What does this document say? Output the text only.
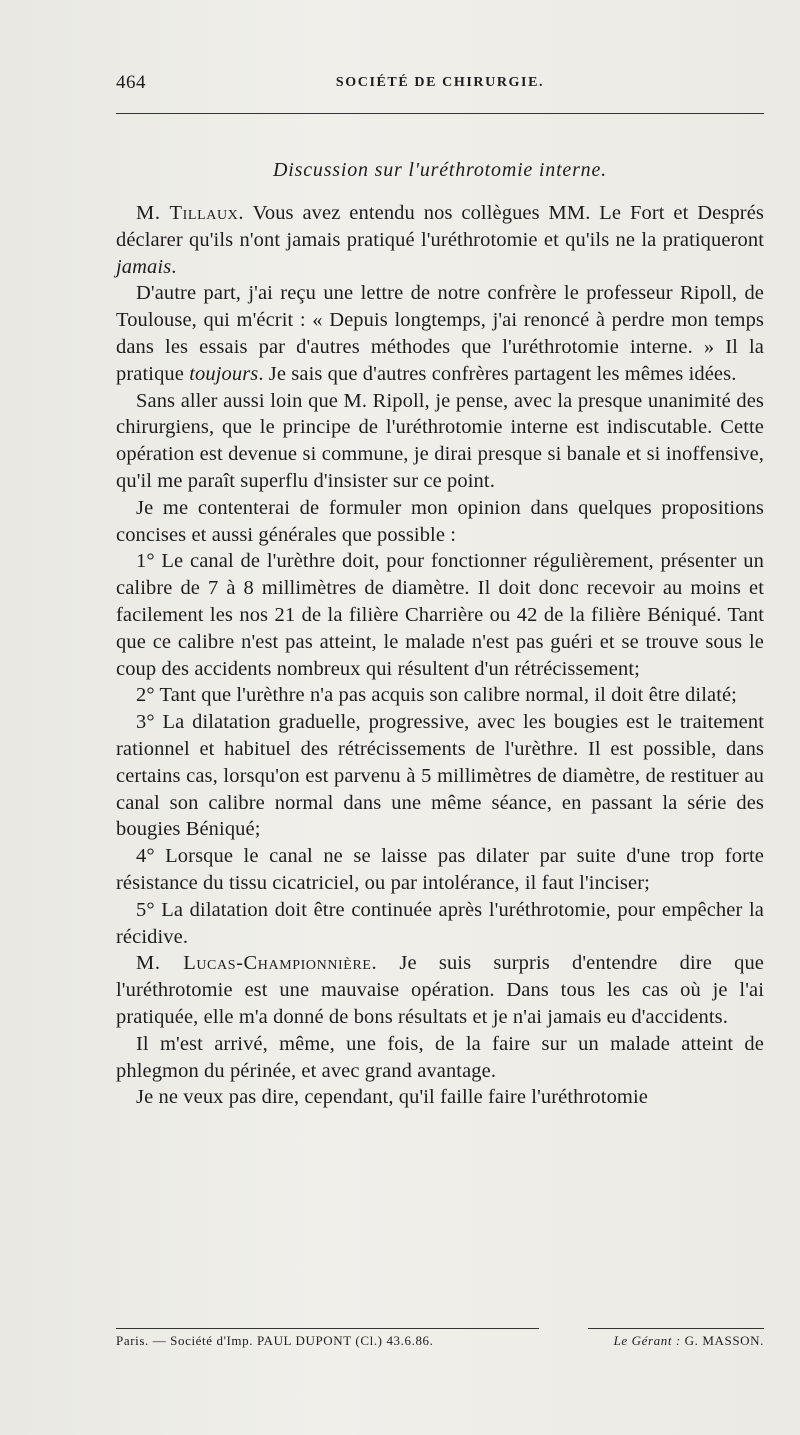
464	SOCIÉTÉ DE CHIRURGIE.
Discussion sur l'uréthrotomie interne.

M. Tillaux. Vous avez entendu nos collègues MM. Le Fort et Després déclarer qu'ils n'ont jamais pratiqué l'uréthrotomie et qu'ils ne la pratiqueront jamais.

D'autre part, j'ai reçu une lettre de notre confrère le professeur Ripoll, de Toulouse, qui m'écrit : « Depuis longtemps, j'ai renoncé à perdre mon temps dans les essais par d'autres méthodes que l'uréthrotomie interne. » Il la pratique toujours. Je sais que d'autres confrères partagent les mêmes idées.

Sans aller aussi loin que M. Ripoll, je pense, avec la presque unanimité des chirurgiens, que le principe de l'uréthrotomie interne est indiscutable. Cette opération est devenue si commune, je dirai presque si banale et si inoffensive, qu'il me paraît superflu d'insister sur ce point.

Je me contenterai de formuler mon opinion dans quelques propositions concises et aussi générales que possible :

1° Le canal de l'urèthre doit, pour fonctionner régulièrement, présenter un calibre de 7 à 8 millimètres de diamètre. Il doit donc recevoir au moins et facilement les nos 21 de la filière Charrière ou 42 de la filière Béniqué. Tant que ce calibre n'est pas atteint, le malade n'est pas guéri et se trouve sous le coup des accidents nombreux qui résultent d'un rétrécissement;

2° Tant que l'urèthre n'a pas acquis son calibre normal, il doit être dilaté;

3° La dilatation graduelle, progressive, avec les bougies est le traitement rationnel et habituel des rétrécissements de l'urèthre. Il est possible, dans certains cas, lorsqu'on est parvenu à 5 millimètres de diamètre, de restituer au canal son calibre normal dans une même séance, en passant la série des bougies Béniqué;

4° Lorsque le canal ne se laisse pas dilater par suite d'une trop forte résistance du tissu cicatriciel, ou par intolérance, il faut l'inciser;

5° La dilatation doit être continuée après l'uréthrotomie, pour empêcher la récidive.

M. Lucas-Championnière. Je suis surpris d'entendre dire que l'uréthrotomie est une mauvaise opération. Dans tous les cas où je l'ai pratiquée, elle m'a donné de bons résultats et je n'ai jamais eu d'accidents.

Il m'est arrivé, même, une fois, de la faire sur un malade atteint de phlegmon du périnée, et avec grand avantage.

Je ne veux pas dire, cependant, qu'il faille faire l'uréthrotomie

Paris. — Société d'Imp. PAUL DUPONT (Cl.) 43.6.86.	Le Gérant : G. MASSON.
